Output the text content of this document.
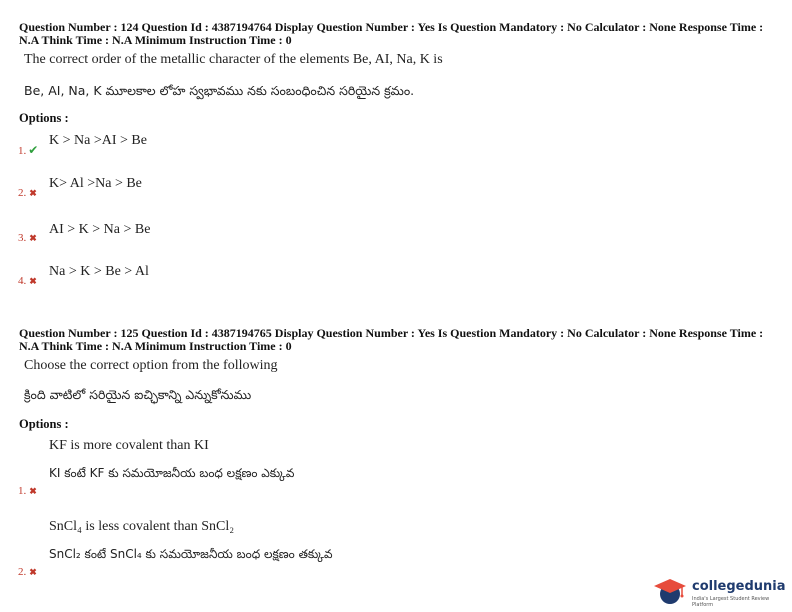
Question Number : 124 Question Id : 4387194764 Display Question Number : Yes Is Question Mandatory : No Calculator : None Response Time :
N.A Think Time : N.A Minimum Instruction Time : 0
The correct order of the metallic character of the elements Be, AI, Na, K is
Be, AI, Na, K మూలకాల లోహ స్వభావము నకు సంబంధించిన సరియైన క్రమం.
Options :
K > Na >AI > Be
1. ✔
K> Al >Na > Be
2. ✖
AI > K > Na > Be
3. ✖
Na > K > Be > Al
4. ✖
Question Number : 125 Question Id : 4387194765 Display Question Number : Yes Is Question Mandatory : No Calculator : None Response Time :
N.A Think Time : N.A Minimum Instruction Time : 0
Choose the correct option from the following
క్రింది వాటిలో సరియైన ఐచ్ఛికాన్ని ఎన్నుకోనుము
Options :
KF is more covalent than KI
KI కంటే KF కు సమయోజనీయ బంధ లక్షణం ఎక్కువ
1. ✖
SnCl₄ is less covalent than SnCl₂
SnCl₂ కంటే SnCl₄ కు సమయోజనీయ బంధ లక్షణం తక్కువ
2. ✖
collegedunia
India's Largest Student Review Platform
